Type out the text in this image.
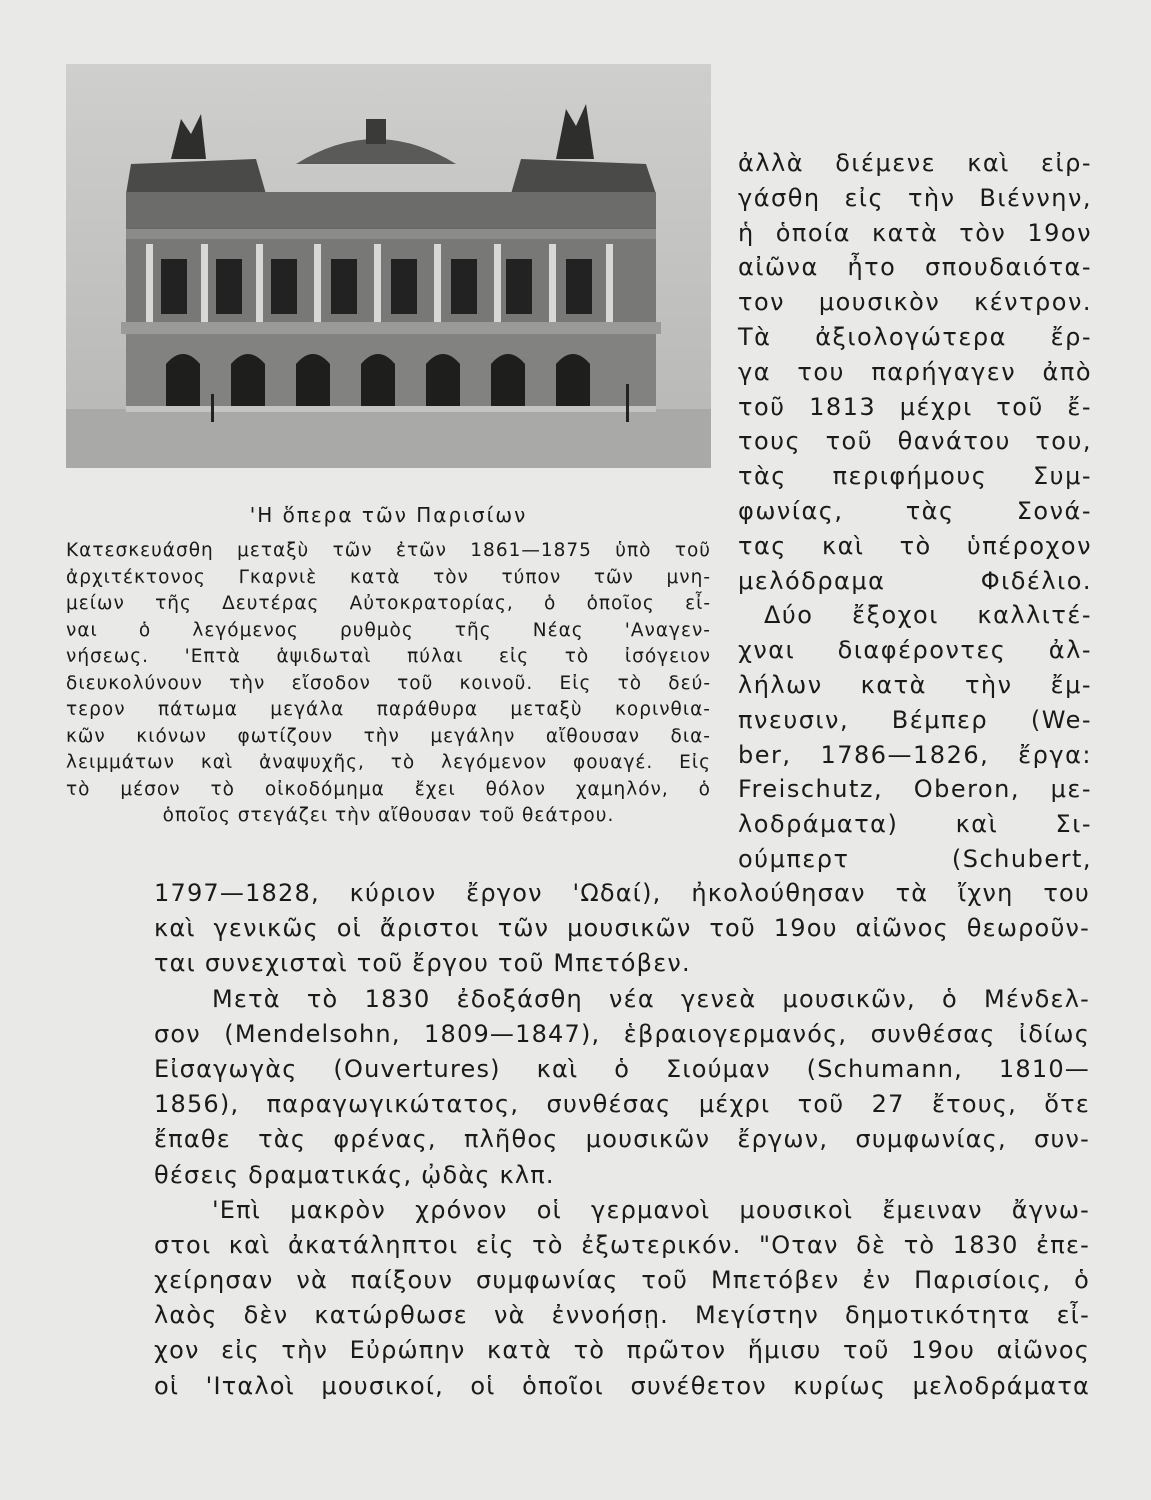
'Η ὅπερα τῶν Παρισίων

Κατεσκευάσθη μεταξὺ τῶν ἐτῶν 1861—1875 ὑπὸ τοῦ
ἀρχιτέκτονος Γκαρνιὲ κατὰ τὸν τύπον τῶν μνη-
μείων τῆς Δευτέρας Αὐτοκρατορίας, ὁ ὁποῖος εἶ-
ναι ὁ λεγόμενος ρυθμὸς τῆς Νέας 'Αναγεν-
νήσεως. 'Επτὰ ἁψιδωταὶ πύλαι εἰς τὸ ἰσόγειον
διευκολύνουν τὴν εἴσοδον τοῦ κοινοῦ. Εἰς τὸ δεύ-
τερον πάτωμα μεγάλα παράθυρα μεταξὺ κορινθια-
κῶν κιόνων φωτίζουν τὴν μεγάλην αἴθουσαν δια-
λειμμάτων καὶ ἀναψυχῆς, τὸ λεγόμενον φουαγέ. Εἰς
τὸ μέσον τὸ οἰκοδόμημα ἔχει θόλον χαμηλόν, ὁ
ὁποῖος στεγάζει τὴν αἴθουσαν τοῦ θεάτρου.
ἀλλὰ διέμενε καὶ εἰρ-
γάσθη εἰς τὴν Βιέννην,
ἡ ὁποία κατὰ τὸν 19ον
αἰῶνα ἦτο σπουδαιότα-
τον μουσικὸν κέντρον.
Τὰ ἀξιολογώτερα ἔρ-
γα του παρήγαγεν ἀπὸ
τοῦ 1813 μέχρι τοῦ ἔ-
τους τοῦ θανάτου του,
τὰς περιφήμους Συμ-
φωνίας, τὰς Σονά-
τας καὶ τὸ ὑπέροχον
μελόδραμα Φιδέλιο.
Δύο ἔξοχοι καλλιτέ-
χναι διαφέροντες ἀλ-
λήλων κατὰ τὴν ἔμ-
πνευσιν, Βέμπερ (We-
ber, 1786—1826, ἔργα:
Freischutz, Oberon, με-
λοδράματα) καὶ Σι-
ούμπερτ (Schubert,
1797—1828, κύριον ἔργον 'Ωδαί), ἠκολούθησαν τὰ ἴχνη του
καὶ γενικῶς οἱ ἄριστοι τῶν μουσικῶν τοῦ 19ου αἰῶνος θεωροῦν-
ται συνεχισταὶ τοῦ ἔργου τοῦ Μπετόβεν.
Μετὰ τὸ 1830 ἐδοξάσθη νέα γενεὰ μουσικῶν, ὁ Μένδελ-
σον (Mendelsohn, 1809—1847), ἑβραιογερμανός, συνθέσας ἰδίως
Εἰσαγωγὰς (Ouvertures) καὶ ὁ Σιούμαν (Schumann, 1810—
1856), παραγωγικώτατος, συνθέσας μέχρι τοῦ 27 ἔτους, ὅτε
ἔπαθε τὰς φρένας, πλῆθος μουσικῶν ἔργων, συμφωνίας, συν-
θέσεις δραματικάς, ᾠδὰς κλπ.
'Επὶ μακρὸν χρόνον οἱ γερμανοὶ μουσικοὶ ἔμειναν ἄγνω-
στοι καὶ ἀκατάληπτοι εἰς τὸ ἐξωτερικόν. "Οταν δὲ τὸ 1830 ἐπε-
χείρησαν νὰ παίξουν συμφωνίας τοῦ Μπετόβεν ἐν Παρισίοις, ὁ
λαὸς δὲν κατώρθωσε νὰ ἐννοήσῃ. Μεγίστην δημοτικότητα εἶ-
χον εἰς τὴν Εὐρώπην κατὰ τὸ πρῶτον ἥμισυ τοῦ 19ου αἰῶνος
οἱ 'Ιταλοὶ μουσικοί, οἱ ὁποῖοι συνέθετον κυρίως μελοδράματα
